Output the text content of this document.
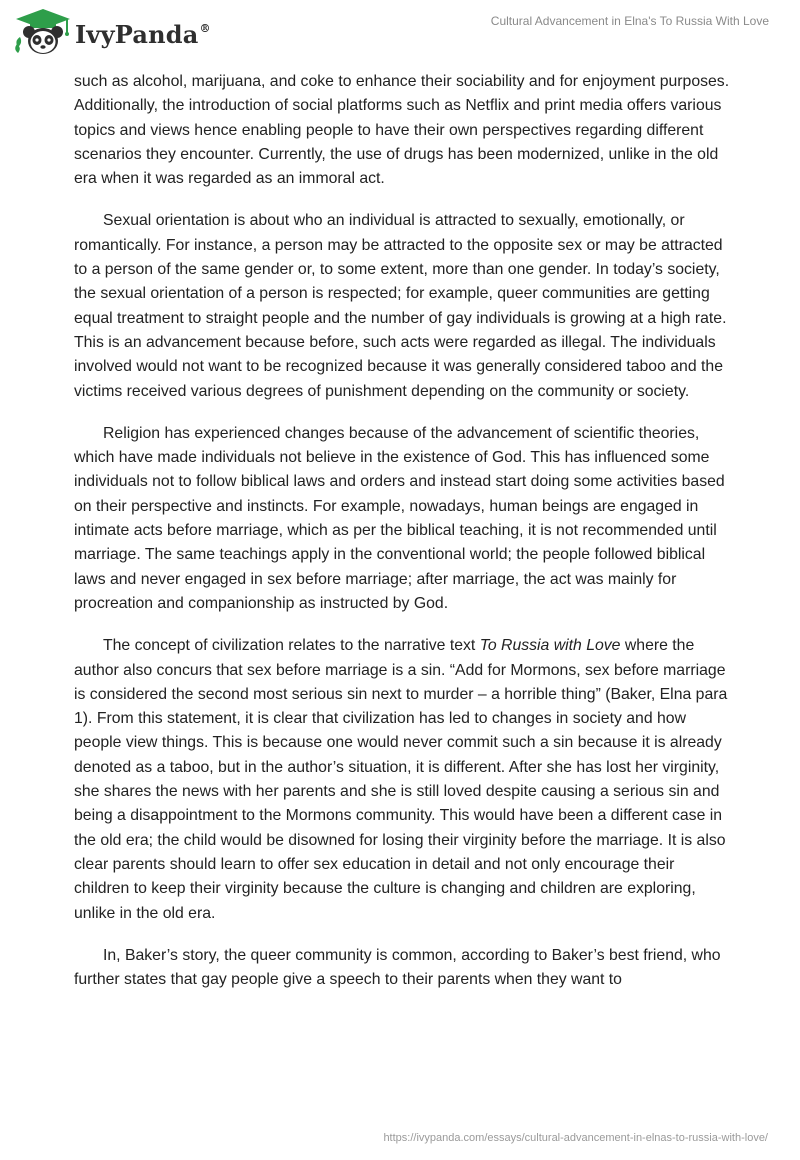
IvyPanda®
Cultural Advancement in Elna's To Russia With Love

such as alcohol, marijuana, and coke to enhance their sociability and for enjoyment purposes. Additionally, the introduction of social platforms such as Netflix and print media offers various topics and views hence enabling people to have their own perspectives regarding different scenarios they encounter. Currently, the use of drugs has been modernized, unlike in the old era when it was regarded as an immoral act.

Sexual orientation is about who an individual is attracted to sexually, emotionally, or romantically. For instance, a person may be attracted to the opposite sex or may be attracted to a person of the same gender or, to some extent, more than one gender. In today’s society, the sexual orientation of a person is respected; for example, queer communities are getting equal treatment to straight people and the number of gay individuals is growing at a high rate. This is an advancement because before, such acts were regarded as illegal. The individuals involved would not want to be recognized because it was generally considered taboo and the victims received various degrees of punishment depending on the community or society.

Religion has experienced changes because of the advancement of scientific theories, which have made individuals not believe in the existence of God. This has influenced some individuals not to follow biblical laws and orders and instead start doing some activities based on their perspective and instincts. For example, nowadays, human beings are engaged in intimate acts before marriage, which as per the biblical teaching, it is not recommended until marriage. The same teachings apply in the conventional world; the people followed biblical laws and never engaged in sex before marriage; after marriage, the act was mainly for procreation and companionship as instructed by God.

The concept of civilization relates to the narrative text To Russia with Love where the author also concurs that sex before marriage is a sin. “Add for Mormons, sex before marriage is considered the second most serious sin next to murder – a horrible thing” (Baker, Elna para 1). From this statement, it is clear that civilization has led to changes in society and how people view things. This is because one would never commit such a sin because it is already denoted as a taboo, but in the author’s situation, it is different. After she has lost her virginity, she shares the news with her parents and she is still loved despite causing a serious sin and being a disappointment to the Mormons community. This would have been a different case in the old era; the child would be disowned for losing their virginity before the marriage. It is also clear parents should learn to offer sex education in detail and not only encourage their children to keep their virginity because the culture is changing and children are exploring, unlike in the old era.

In, Baker’s story, the queer community is common, according to Baker’s best friend, who further states that gay people give a speech to their parents when they want to

https://ivypanda.com/essays/cultural-advancement-in-elnas-to-russia-with-love/
